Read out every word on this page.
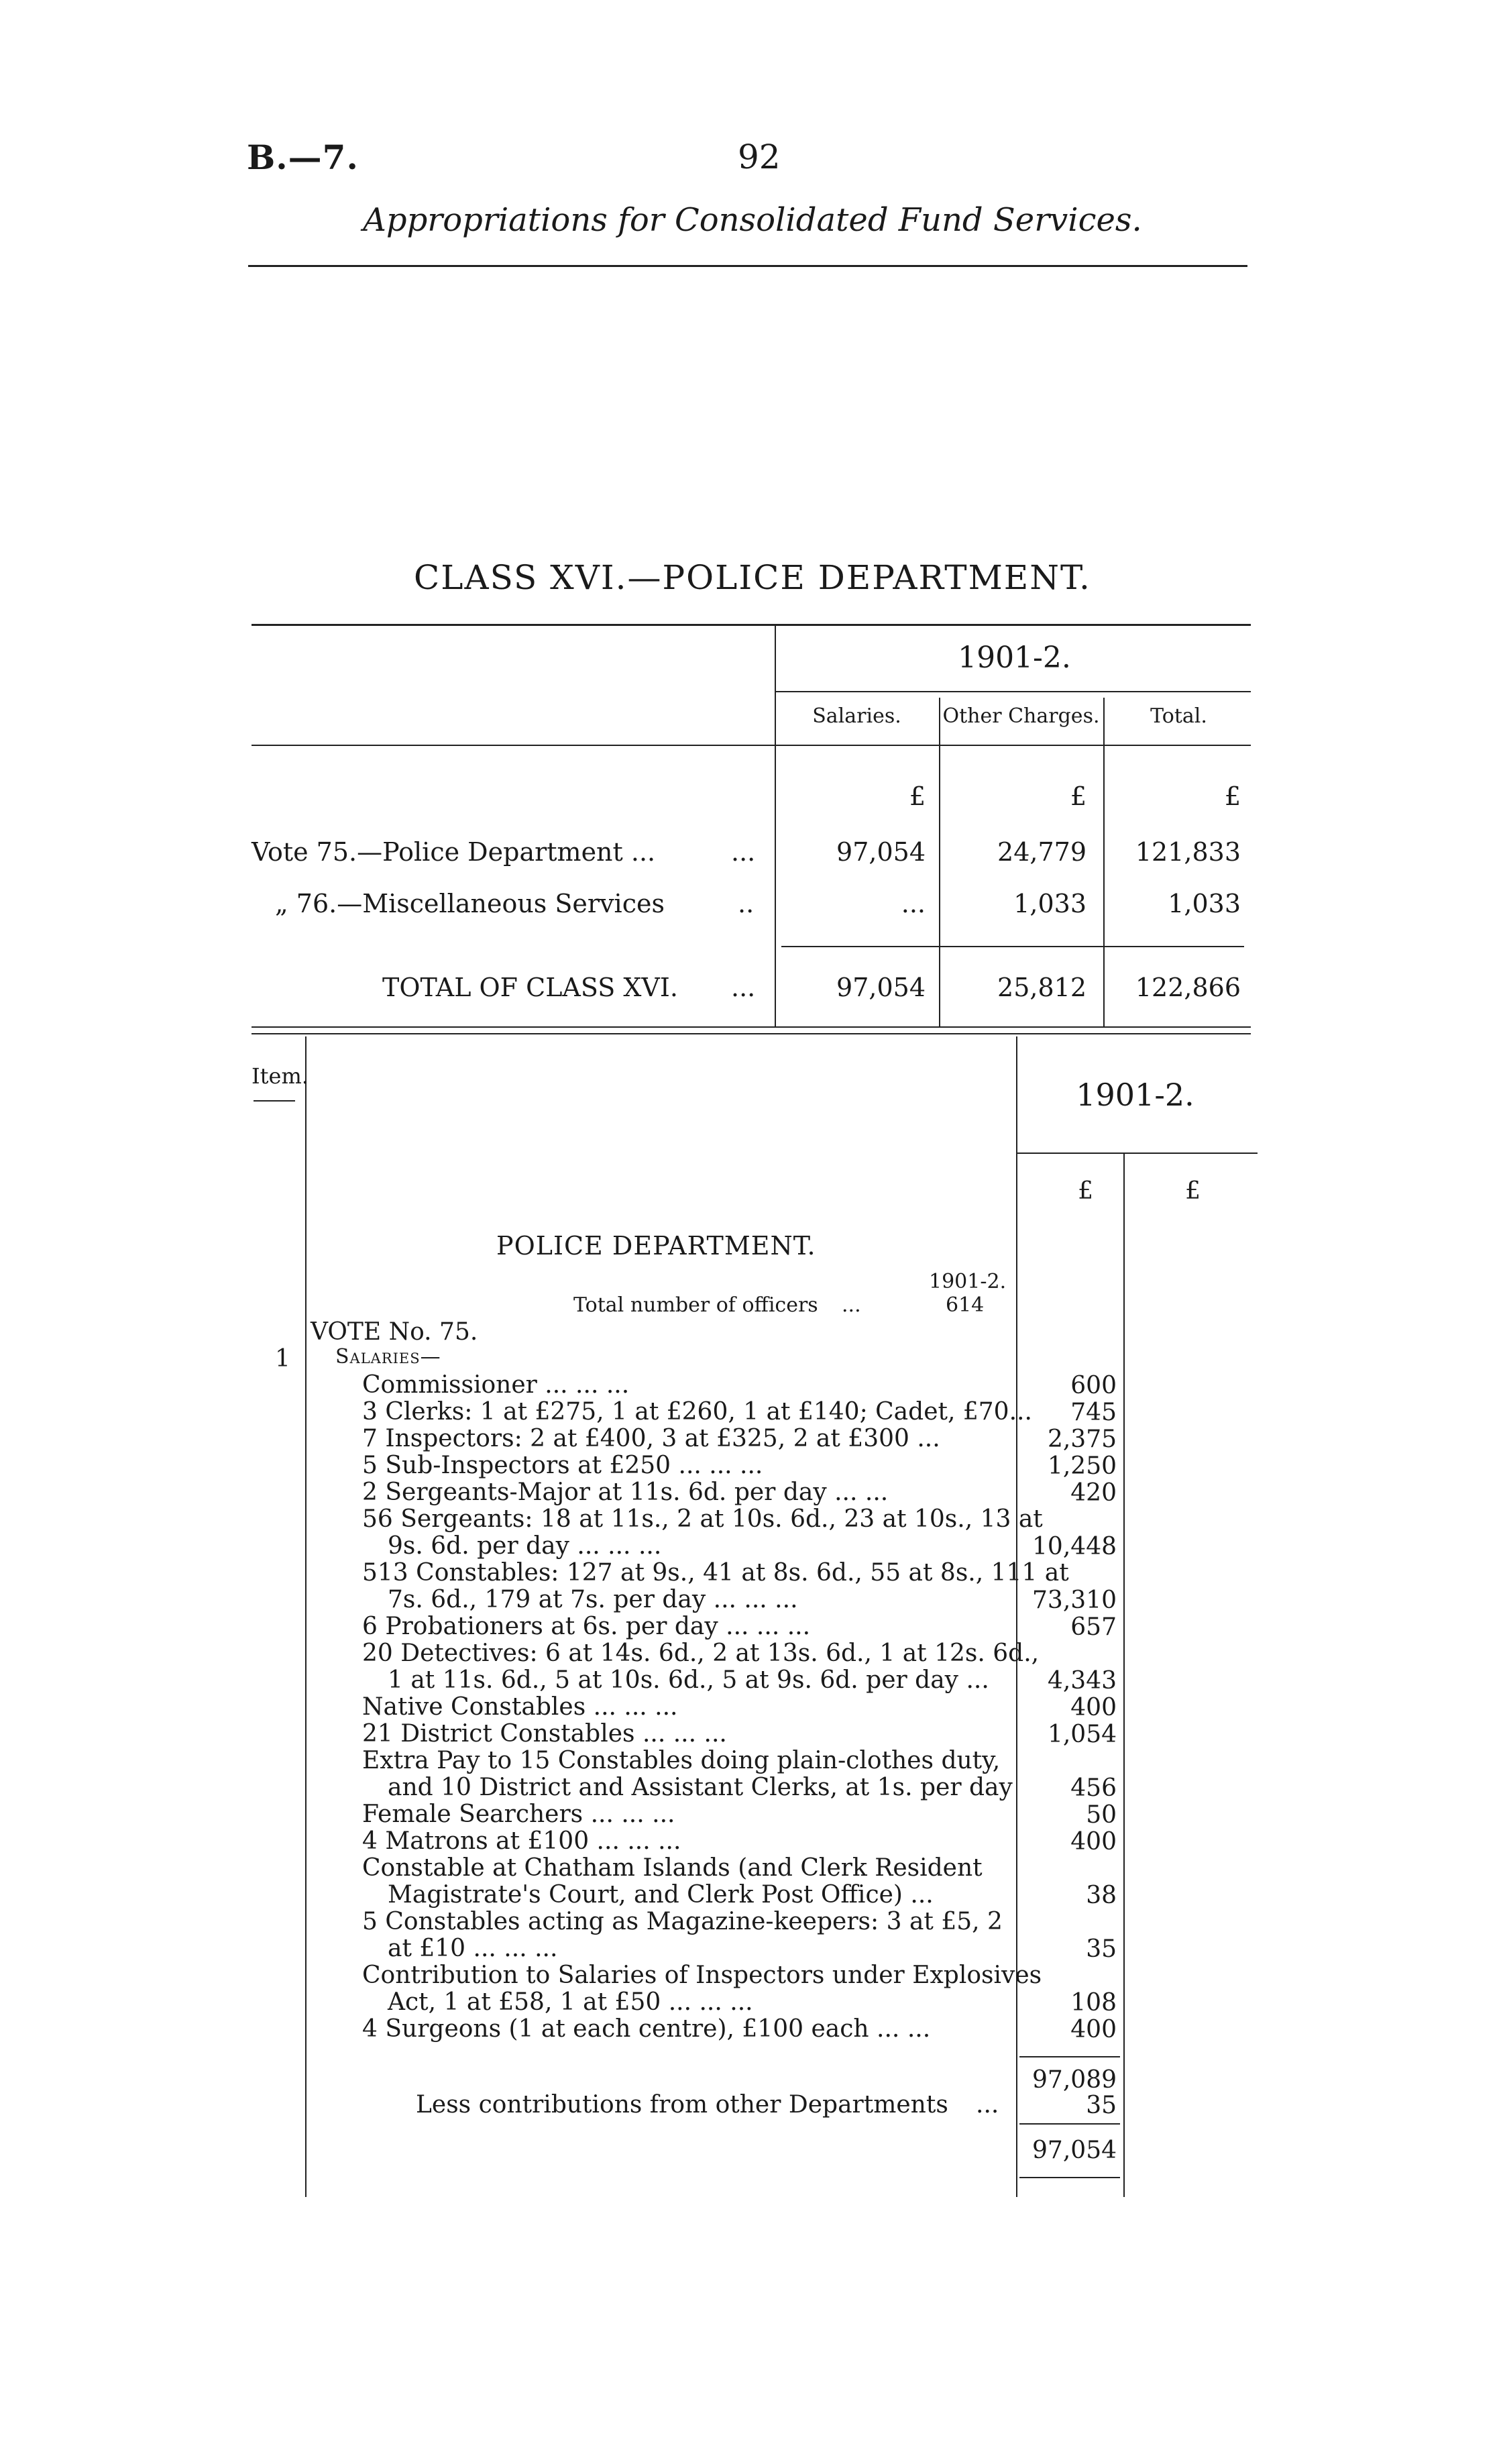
B.—7.	92
Appropriations for Consolidated Fund Services.
CLASS XVI.—POLICE DEPARTMENT.
1901-2.
Salaries.	Other Charges.	Total.
£	£	£
Vote 75.—Police Department ...	...	97,054	24,779	121,833
„ 76.—Miscellaneous Services	..	...	1,033	1,033
TOTAL OF CLASS XVI. ...	97,054	25,812	122,866
Item.
1901-2.
£	£
POLICE DEPARTMENT.
1901-2.
Total number of officers ...	614
VOTE No. 75.
1 Salaries—
Commissioner ... ... ...	600
3 Clerks: 1 at £275, 1 at £260, 1 at £140; Cadet, £70...	745
7 Inspectors: 2 at £400, 3 at £325, 2 at £300 ...	2,375
5 Sub-Inspectors at £250 ... ... ...	1,250
2 Sergeants-Major at 11s. 6d. per day ... ...	420
56 Sergeants: 18 at 11s., 2 at 10s. 6d., 23 at 10s., 13 at
9s. 6d. per day ... ... ...	10,448
513 Constables: 127 at 9s., 41 at 8s. 6d., 55 at 8s., 111 at
7s. 6d., 179 at 7s. per day ... ... ...	73,310
6 Probationers at 6s. per day ... ... ...	657
20 Detectives: 6 at 14s. 6d., 2 at 13s. 6d., 1 at 12s. 6d.,
1 at 11s. 6d., 5 at 10s. 6d., 5 at 9s. 6d. per day ...	4,343
Native Constables ... ... ...	400
21 District Constables ... ... ...	1,054
Extra Pay to 15 Constables doing plain-clothes duty,
and 10 District and Assistant Clerks, at 1s. per day	456
Female Searchers ... ... ...	50
4 Matrons at £100 ... ... ...	400
Constable at Chatham Islands (and Clerk Resident
Magistrate's Court, and Clerk Post Office) ...	38
5 Constables acting as Magazine-keepers: 3 at £5, 2
at £10 ... ... ...	35
Contribution to Salaries of Inspectors under Explosives
Act, 1 at £58, 1 at £50 ... ... ...	108
4 Surgeons (1 at each centre), £100 each ... ...	400
97,089
Less contributions from other Departments ...	35
97,054
